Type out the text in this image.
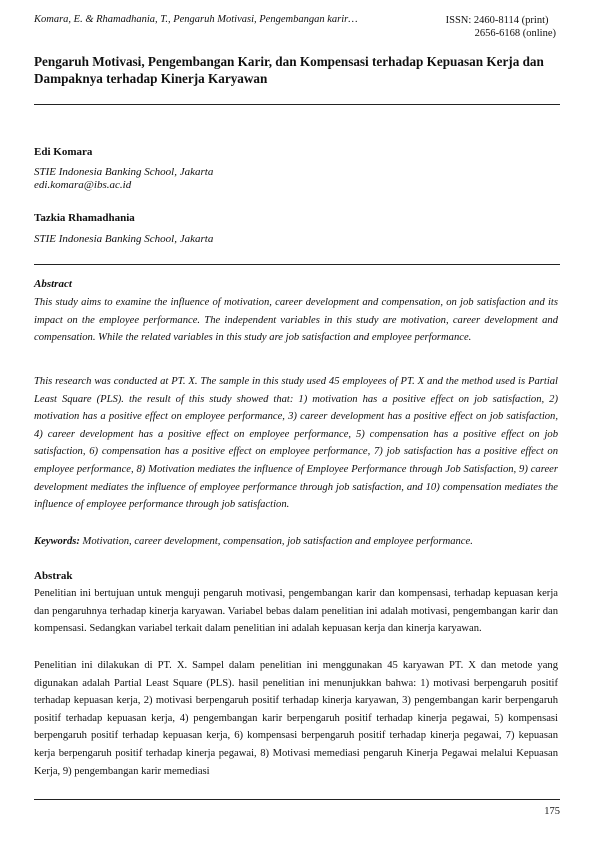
Komara, E. & Rhamadhania, T., Pengaruh Motivasi, Pengembangan karir…	ISSN: 2460-8114 (print)
2656-6168 (online)
Pengaruh Motivasi, Pengembangan Karir, dan Kompensasi terhadap Kepuasan Kerja dan Dampaknya terhadap Kinerja Karyawan
Edi Komara
STIE Indonesia Banking School, Jakarta
edi.komara@ibs.ac.id
Tazkia Rhamadhania
STIE Indonesia Banking School, Jakarta
Abstract
This study aims to examine the influence of motivation, career development and compensation, on job satisfaction and its impact on the employee performance. The independent variables in this study are motivation, career development and compensation. While the related variables in this study are job satisfaction and employee performance.
This research was conducted at PT. X. The sample in this study used 45 employees of PT. X and the method used is Partial Least Square (PLS). the result of this study showed that: 1) motivation has a positive effect on job satisfaction, 2) motivation has a positive effect on employee performance, 3) career development has a positive effect on job satisfaction, 4) career development has a positive effect on employee performance, 5) compensation has a positive effect on job satisfaction, 6) compensation has a positive effect on employee performance, 7) job satisfaction has a positive effect on employee performance, 8) Motivation mediates the influence of Employee Performance through Job Satisfaction, 9) career development mediates the influence of employee performance through job satisfaction, and 10) compensation mediates the influence of employee performance through job satisfaction.
Keywords: Motivation, career development, compensation, job satisfaction and employee performance.
Abstrak
Penelitian ini bertujuan untuk menguji pengaruh motivasi, pengembangan karir dan kompensasi, terhadap kepuasan kerja dan pengaruhnya terhadap kinerja karyawan. Variabel bebas dalam penelitian ini adalah motivasi, pengembangan karir dan kompensasi. Sedangkan variabel terkait dalam penelitian ini adalah kepuasan kerja dan kinerja karyawan.
Penelitian ini dilakukan di PT. X. Sampel dalam penelitian ini menggunakan 45 karyawan PT. X dan metode yang digunakan adalah Partial Least Square (PLS). hasil penelitian ini menunjukkan bahwa: 1) motivasi berpengaruh positif terhadap kepuasan kerja, 2) motivasi berpengaruh positif terhadap kinerja karyawan, 3) pengembangan karir berpengaruh positif terhadap kepuasan kerja, 4) pengembangan karir berpengaruh positif terhadap kinerja pegawai, 5) kompensasi berpengaruh positif terhadap kepuasan kerja, 6) kompensasi berpengaruh positif terhadap kinerja pegawai, 7) kepuasan kerja berpengaruh positif terhadap kinerja pegawai, 8) Motivasi memediasi pengaruh Kinerja Pegawai melalui Kepuasan Kerja, 9) pengembangan karir memediasi
175
